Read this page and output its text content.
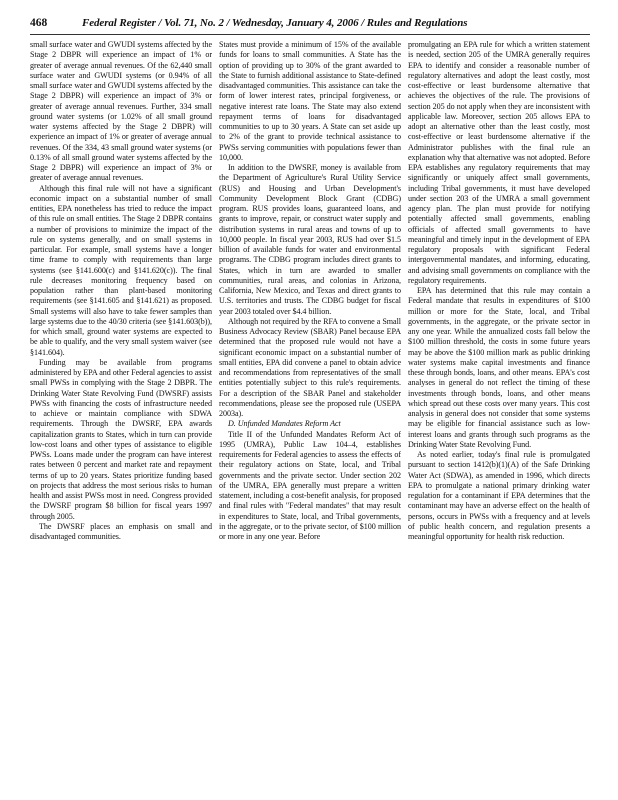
468	Federal Register / Vol. 71, No. 2 / Wednesday, January 4, 2006 / Rules and Regulations

small surface water and GWUDI systems affected by the Stage 2 DBPR will experience an impact of 1% or greater of average annual revenues. Of the 62,440 small surface water and GWUDI systems (or 0.94% of all small surface water and GWUDI systems affected by the Stage 2 DBPR) will experience an impact of 3% or greater of average annual revenues. Further, 334 small ground water systems (or 1.02% of all small ground water systems affected by the Stage 2 DBPR) will experience an impact of 1% or greater of average annual revenues. Of the 334, 43 small ground water systems (or 0.13% of all small ground water systems affected by the Stage 2 DBPR) will experience an impact of 3% or greater of average annual revenues.

Although this final rule will not have a significant economic impact on a substantial number of small entities, EPA nonetheless has tried to reduce the impact of this rule on small entities. The Stage 2 DBPR contains a number of provisions to minimize the impact of the rule on systems generally, and on small systems in particular. For example, small systems have a longer time frame to comply with requirements than large systems (see §141.600(c) and §141.620(c)). The final rule decreases monitoring frequency based on population rather than plant-based monitoring requirements (see §141.605 and §141.621) as proposed. Small systems will also have to take fewer samples than large systems due to the 40/30 criteria (see §141.603(b)), for which small, ground water systems are expected to be able to qualify, and the very small system waiver (see §141.604).

Funding may be available from programs administered by EPA and other Federal agencies to assist small PWSs in complying with the Stage 2 DBPR. The Drinking Water State Revolving Fund (DWSRF) assists PWSs with financing the costs of infrastructure needed to achieve or maintain compliance with SDWA requirements. Through the DWSRF, EPA awards capitalization grants to States, which in turn can provide low-cost loans and other types of assistance to eligible PWSs. Loans made under the program can have interest rates between 0 percent and market rate and repayment terms of up to 20 years. States prioritize funding based on projects that address the most serious risks to human health and assist PWSs most in need. Congress provided the DWSRF program $8 billion for fiscal years 1997 through 2005.

The DWSRF places an emphasis on small and disadvantaged communities.

States must provide a minimum of 15% of the available funds for loans to small communities. A State has the option of providing up to 30% of the grant awarded to the State to furnish additional assistance to State-defined disadvantaged communities. This assistance can take the form of lower interest rates, principal forgiveness, or negative interest rate loans. The State may also extend repayment terms of loans for disadvantaged communities to up to 30 years. A State can set aside up to 2% of the grant to provide technical assistance to PWSs serving communities with populations fewer than 10,000.

In addition to the DWSRF, money is available from the Department of Agriculture's Rural Utility Service (RUS) and Housing and Urban Development's Community Development Block Grant (CDBG) program. RUS provides loans, guaranteed loans, and grants to improve, repair, or construct water supply and distribution systems in rural areas and towns of up to 10,000 people. In fiscal year 2003, RUS had over $1.5 billion of available funds for water and environmental programs. The CDBG program includes direct grants to States, which in turn are awarded to smaller communities, rural areas, and colonias in Arizona, California, New Mexico, and Texas and direct grants to U.S. territories and trusts. The CDBG budget for fiscal year 2003 totaled over $4.4 billion.

Although not required by the RFA to convene a Small Business Advocacy Review (SBAR) Panel because EPA determined that the proposed rule would not have a significant economic impact on a substantial number of small entities, EPA did convene a panel to obtain advice and recommendations from representatives of the small entities potentially subject to this rule's requirements. For a description of the SBAR Panel and stakeholder recommendations, please see the proposed rule (USEPA 2003a).

D. Unfunded Mandates Reform Act

Title II of the Unfunded Mandates Reform Act of 1995 (UMRA), Public Law 104–4, establishes requirements for Federal agencies to assess the effects of their regulatory actions on State, local, and Tribal governments and the private sector. Under section 202 of the UMRA, EPA generally must prepare a written statement, including a cost-benefit analysis, for proposed and final rules with "Federal mandates" that may result in expenditures to State, local, and Tribal governments, in the aggregate, or to the private sector, of $100 million or more in any one year. Before

promulgating an EPA rule for which a written statement is needed, section 205 of the UMRA generally requires EPA to identify and consider a reasonable number of regulatory alternatives and adopt the least costly, most cost-effective or least burdensome alternative that achieves the objectives of the rule. The provisions of section 205 do not apply when they are inconsistent with applicable law. Moreover, section 205 allows EPA to adopt an alternative other than the least costly, most cost-effective or least burdensome alternative if the Administrator publishes with the final rule an explanation why that alternative was not adopted. Before EPA establishes any regulatory requirements that may significantly or uniquely affect small governments, including Tribal governments, it must have developed under section 203 of the UMRA a small government agency plan. The plan must provide for notifying potentially affected small governments, enabling officials of affected small governments to have meaningful and timely input in the development of EPA regulatory proposals with significant Federal intergovernmental mandates, and informing, educating, and advising small governments on compliance with the regulatory requirements.

EPA has determined that this rule may contain a Federal mandate that results in expenditures of $100 million or more for the State, local, and Tribal governments, in the aggregate, or the private sector in any one year. While the annualized costs fall below the $100 million threshold, the costs in some future years may be above the $100 million mark as public drinking water systems make capital investments and finance these through bonds, loans, and other means. EPA's cost analyses in general do not reflect the timing of these investments through bonds, loans, and other means which spread out these costs over many years. This cost analysis in general does not consider that some systems may be eligible for financial assistance such as low-interest loans and grants through such programs as the Drinking Water State Revolving Fund.

As noted earlier, today's final rule is promulgated pursuant to section 1412(b)(1)(A) of the Safe Drinking Water Act (SDWA), as amended in 1996, which directs EPA to promulgate a national primary drinking water regulation for a contaminant if EPA determines that the contaminant may have an adverse effect on the health of persons, occurs in PWSs with a frequency and at levels of public health concern, and regulation presents a meaningful opportunity for health risk reduction.
